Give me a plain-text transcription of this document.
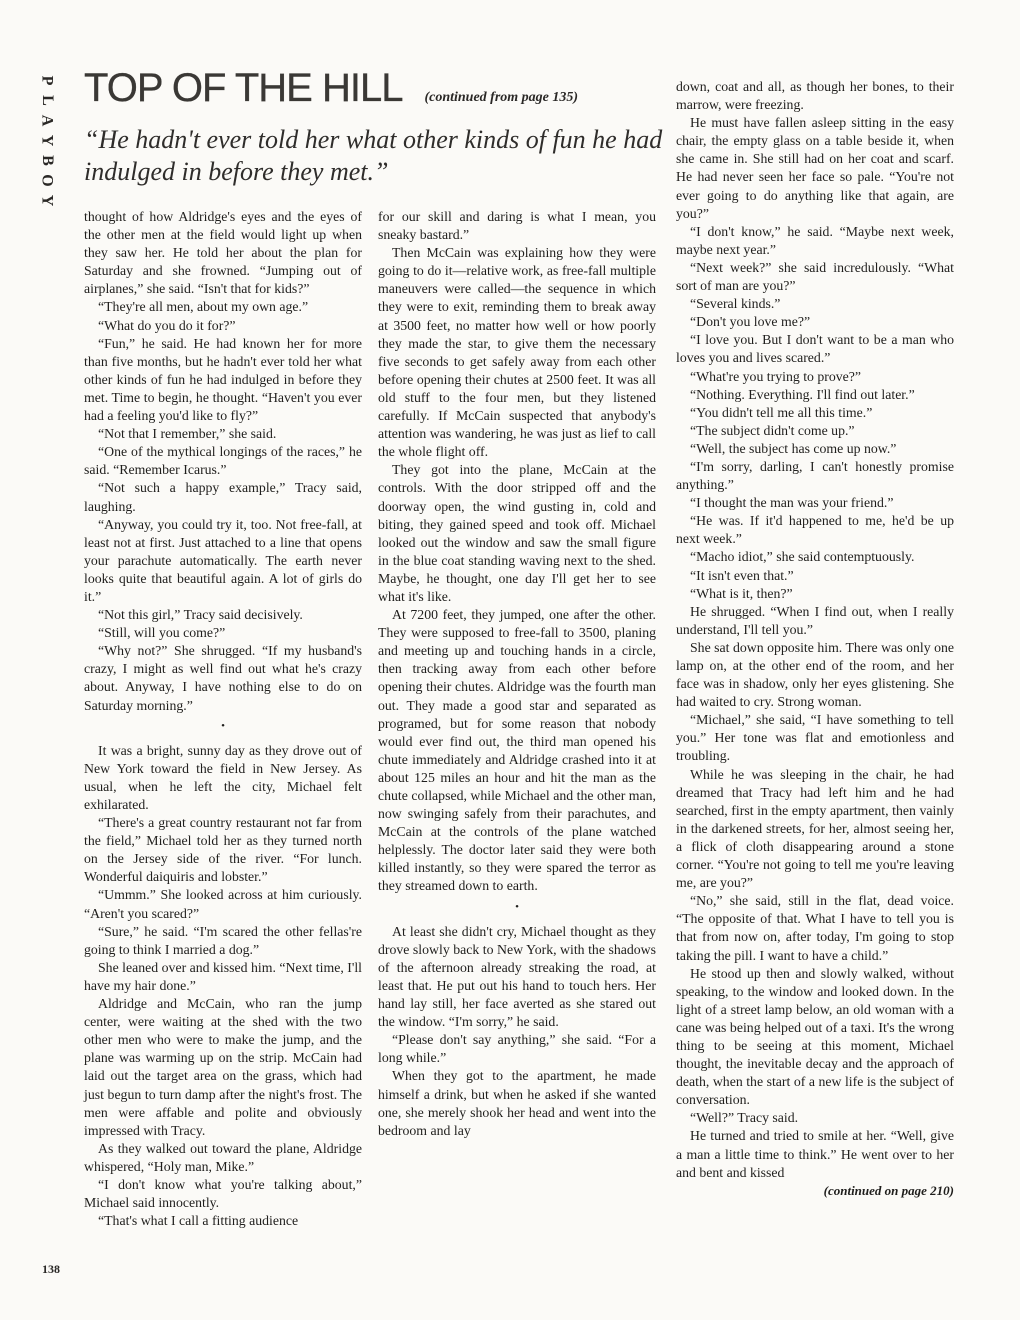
P
L
A
Y
B
O
Y
138
TOP OF THE HILL (continued from page 135)
“He hadn't ever told her what other kinds of fun he had indulged in before they met.”

thought of how Aldridge's eyes and the eyes of the other men at the field would light up when they saw her. He told her about the plan for Saturday and she frowned. “Jumping out of airplanes,” she said. “Isn't that for kids?”

“They're all men, about my own age.”

“What do you do it for?”

“Fun,” he said. He had known her for more than five months, but he hadn't ever told her what other kinds of fun he had indulged in before they met. Time to begin, he thought. “Haven't you ever had a feeling you'd like to fly?”

“Not that I remember,” she said.

“One of the mythical longings of the races,” he said. “Remember Icarus.”

“Not such a happy example,” Tracy said, laughing.

“Anyway, you could try it, too. Not free-fall, at least not at first. Just attached to a line that opens your parachute automatically. The earth never looks quite that beautiful again. A lot of girls do it.”

“Not this girl,” Tracy said decisively.

“Still, will you come?”

“Why not?” She shrugged. “If my husband's crazy, I might as well find out what he's crazy about. Anyway, I have nothing else to do on Saturday morning.”

•

It was a bright, sunny day as they drove out of New York toward the field in New Jersey. As usual, when he left the city, Michael felt exhilarated.

“There's a great country restaurant not far from the field,” Michael told her as they turned north on the Jersey side of the river. “For lunch. Wonderful daiquiris and lobster.”

“Ummm.” She looked across at him curiously. “Aren't you scared?”

“Sure,” he said. “I'm scared the other fellas're going to think I married a dog.”

She leaned over and kissed him. “Next time, I'll have my hair done.”

Aldridge and McCain, who ran the jump center, were waiting at the shed with the two other men who were to make the jump, and the plane was warming up on the strip. McCain had laid out the target area on the grass, which had just begun to turn damp after the night's frost. The men were affable and polite and obviously impressed with Tracy.

As they walked out toward the plane, Aldridge whispered, “Holy man, Mike.”

“I don't know what you're talking about,” Michael said innocently.

“That's what I call a fitting audience

for our skill and daring is what I mean, you sneaky bastard.”

Then McCain was explaining how they were going to do it—relative work, as free-fall multiple maneuvers were called—the sequence in which they were to exit, reminding them to break away at 3500 feet, no matter how well or how poorly they made the star, to give them the necessary five seconds to get safely away from each other before opening their chutes at 2500 feet. It was all old stuff to the four men, but they listened carefully. If McCain suspected that anybody's attention was wandering, he was just as lief to call the whole flight off.

They got into the plane, McCain at the controls. With the door stripped off and the doorway open, the wind gusting in, cold and biting, they gained speed and took off. Michael looked out the window and saw the small figure in the blue coat standing waving next to the shed. Maybe, he thought, one day I'll get her to see what it's like.

At 7200 feet, they jumped, one after the other. They were supposed to free-fall to 3500, planing and meeting up and touching hands in a circle, then tracking away from each other before opening their chutes. Aldridge was the fourth man out. They made a good star and separated as programed, but for some reason that nobody would ever find out, the third man opened his chute immediately and Aldridge crashed into it at about 125 miles an hour and hit the man as the chute collapsed, while Michael and the other man, now swinging safely from their parachutes, and McCain at the controls of the plane watched helplessly. The doctor later said they were both killed instantly, so they were spared the terror as they streamed down to earth.

•

At least she didn't cry, Michael thought as they drove slowly back to New York, with the shadows of the afternoon already streaking the road, at least that. He put out his hand to touch hers. Her hand lay still, her face averted as she stared out the window. “I'm sorry,” he said.

“Please don't say anything,” she said. “For a long while.”

When they got to the apartment, he made himself a drink, but when he asked if she wanted one, she merely shook her head and went into the bedroom and lay

down, coat and all, as though her bones, to their marrow, were freezing.

He must have fallen asleep sitting in the easy chair, the empty glass on a table beside it, when she came in. She still had on her coat and scarf. He had never seen her face so pale. “You're not ever going to do anything like that again, are you?”

“I don't know,” he said. “Maybe next week, maybe next year.”

“Next week?” she said incredulously. “What sort of man are you?”

“Several kinds.”

“Don't you love me?”

“I love you. But I don't want to be a man who loves you and lives scared.”

“What're you trying to prove?”

“Nothing. Everything. I'll find out later.”

“You didn't tell me all this time.”

“The subject didn't come up.”

“Well, the subject has come up now.”

“I'm sorry, darling, I can't honestly promise anything.”

“I thought the man was your friend.”

“He was. If it'd happened to me, he'd be up next week.”

“Macho idiot,” she said contemptuously.

“It isn't even that.”

“What is it, then?”

He shrugged. “When I find out, when I really understand, I'll tell you.”

She sat down opposite him. There was only one lamp on, at the other end of the room, and her face was in shadow, only her eyes glistening. She had waited to cry. Strong woman.

“Michael,” she said, “I have something to tell you.” Her tone was flat and emotionless and troubling.

While he was sleeping in the chair, he had dreamed that Tracy had left him and he had searched, first in the empty apartment, then vainly in the darkened streets, for her, almost seeing her, a flick of cloth disappearing around a stone corner. “You're not going to tell me you're leaving me, are you?”

“No,” she said, still in the flat, dead voice. “The opposite of that. What I have to tell you is that from now on, after today, I'm going to stop taking the pill. I want to have a child.”

He stood up then and slowly walked, without speaking, to the window and looked down. In the light of a street lamp below, an old woman with a cane was being helped out of a taxi. It's the wrong thing to be seeing at this moment, Michael thought, the inevitable decay and the approach of death, when the start of a new life is the subject of conversation.

“Well?” Tracy said.

He turned and tried to smile at her. “Well, give a man a little time to think.” He went over to her and bent and kissed

(continued on page 210)
